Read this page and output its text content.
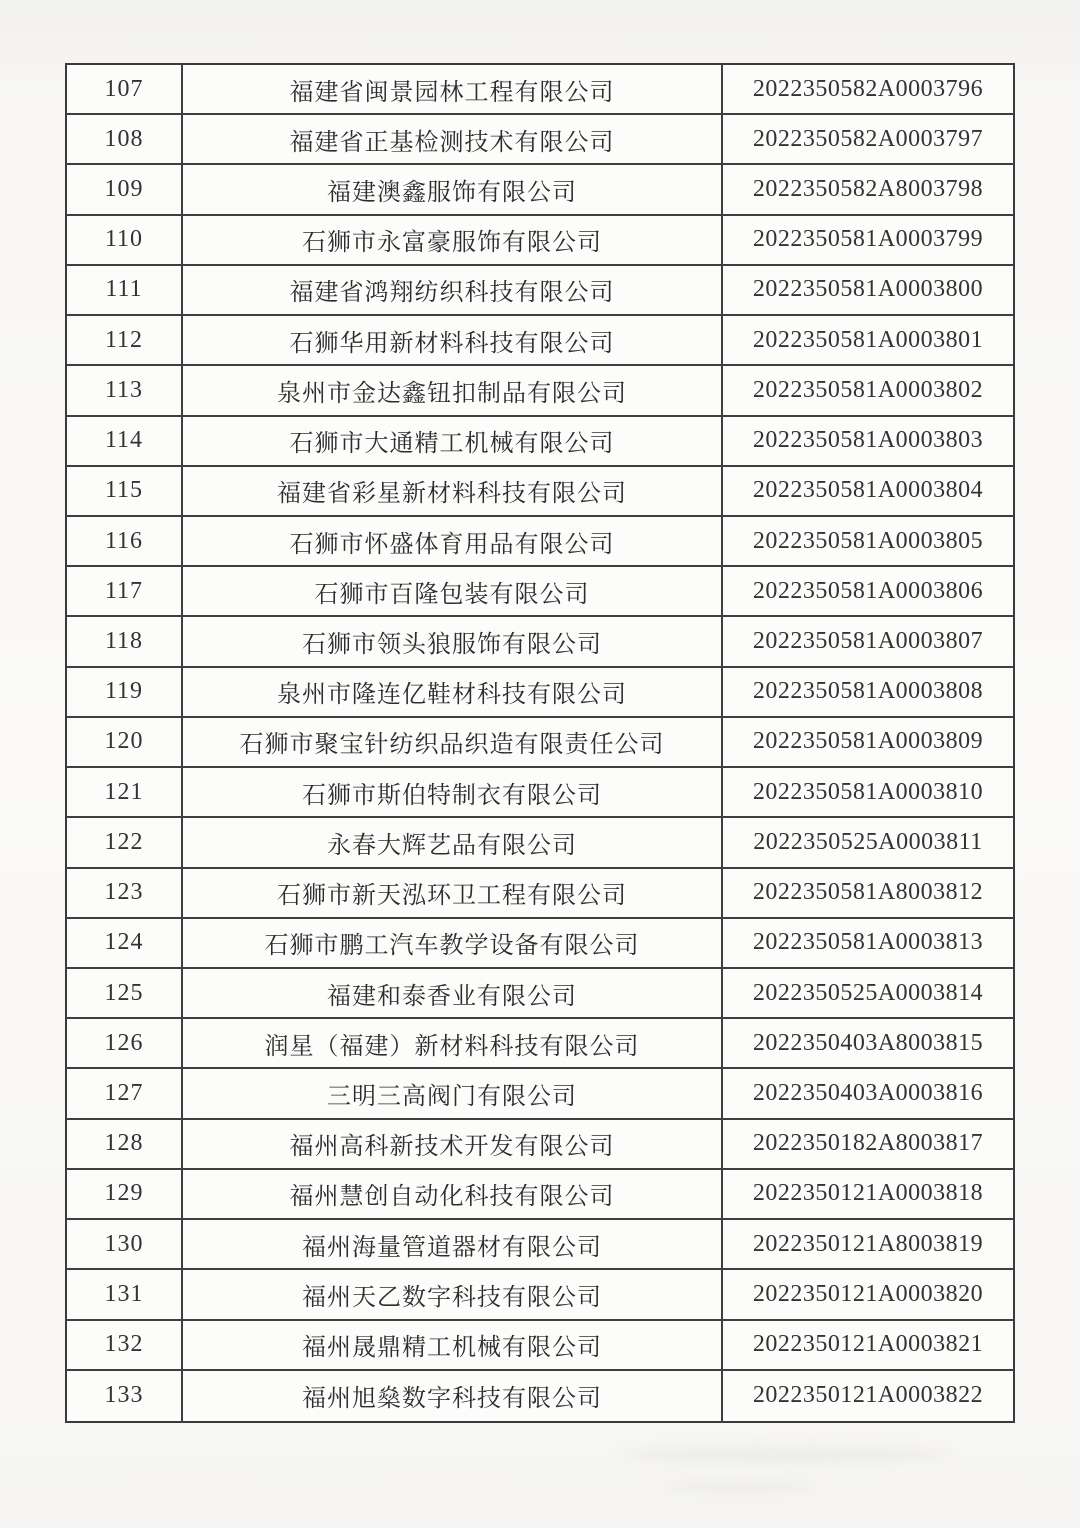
107	福建省闽景园林工程有限公司	2022350582A0003796
108	福建省正基检测技术有限公司	2022350582A0003797
109	福建澳鑫服饰有限公司	2022350582A8003798
110	石狮市永富豪服饰有限公司	2022350581A0003799
111	福建省鸿翔纺织科技有限公司	2022350581A0003800
112	石狮华用新材料科技有限公司	2022350581A0003801
113	泉州市金达鑫钮扣制品有限公司	2022350581A0003802
114	石狮市大通精工机械有限公司	2022350581A0003803
115	福建省彩星新材料科技有限公司	2022350581A0003804
116	石狮市怀盛体育用品有限公司	2022350581A0003805
117	石狮市百隆包装有限公司	2022350581A0003806
118	石狮市领头狼服饰有限公司	2022350581A0003807
119	泉州市隆连亿鞋材科技有限公司	2022350581A0003808
120	石狮市聚宝针纺织品织造有限责任公司	2022350581A0003809
121	石狮市斯伯特制衣有限公司	2022350581A0003810
122	永春大辉艺品有限公司	2022350525A0003811
123	石狮市新天泓环卫工程有限公司	2022350581A8003812
124	石狮市鹏工汽车教学设备有限公司	2022350581A0003813
125	福建和泰香业有限公司	2022350525A0003814
126	润星（福建）新材料科技有限公司	2022350403A8003815
127	三明三高阀门有限公司	2022350403A0003816
128	福州高科新技术开发有限公司	2022350182A8003817
129	福州慧创自动化科技有限公司	2022350121A0003818
130	福州海量管道器材有限公司	2022350121A8003819
131	福州天乙数字科技有限公司	2022350121A0003820
132	福州晟鼎精工机械有限公司	2022350121A0003821
133	福州旭燊数字科技有限公司	2022350121A0003822
